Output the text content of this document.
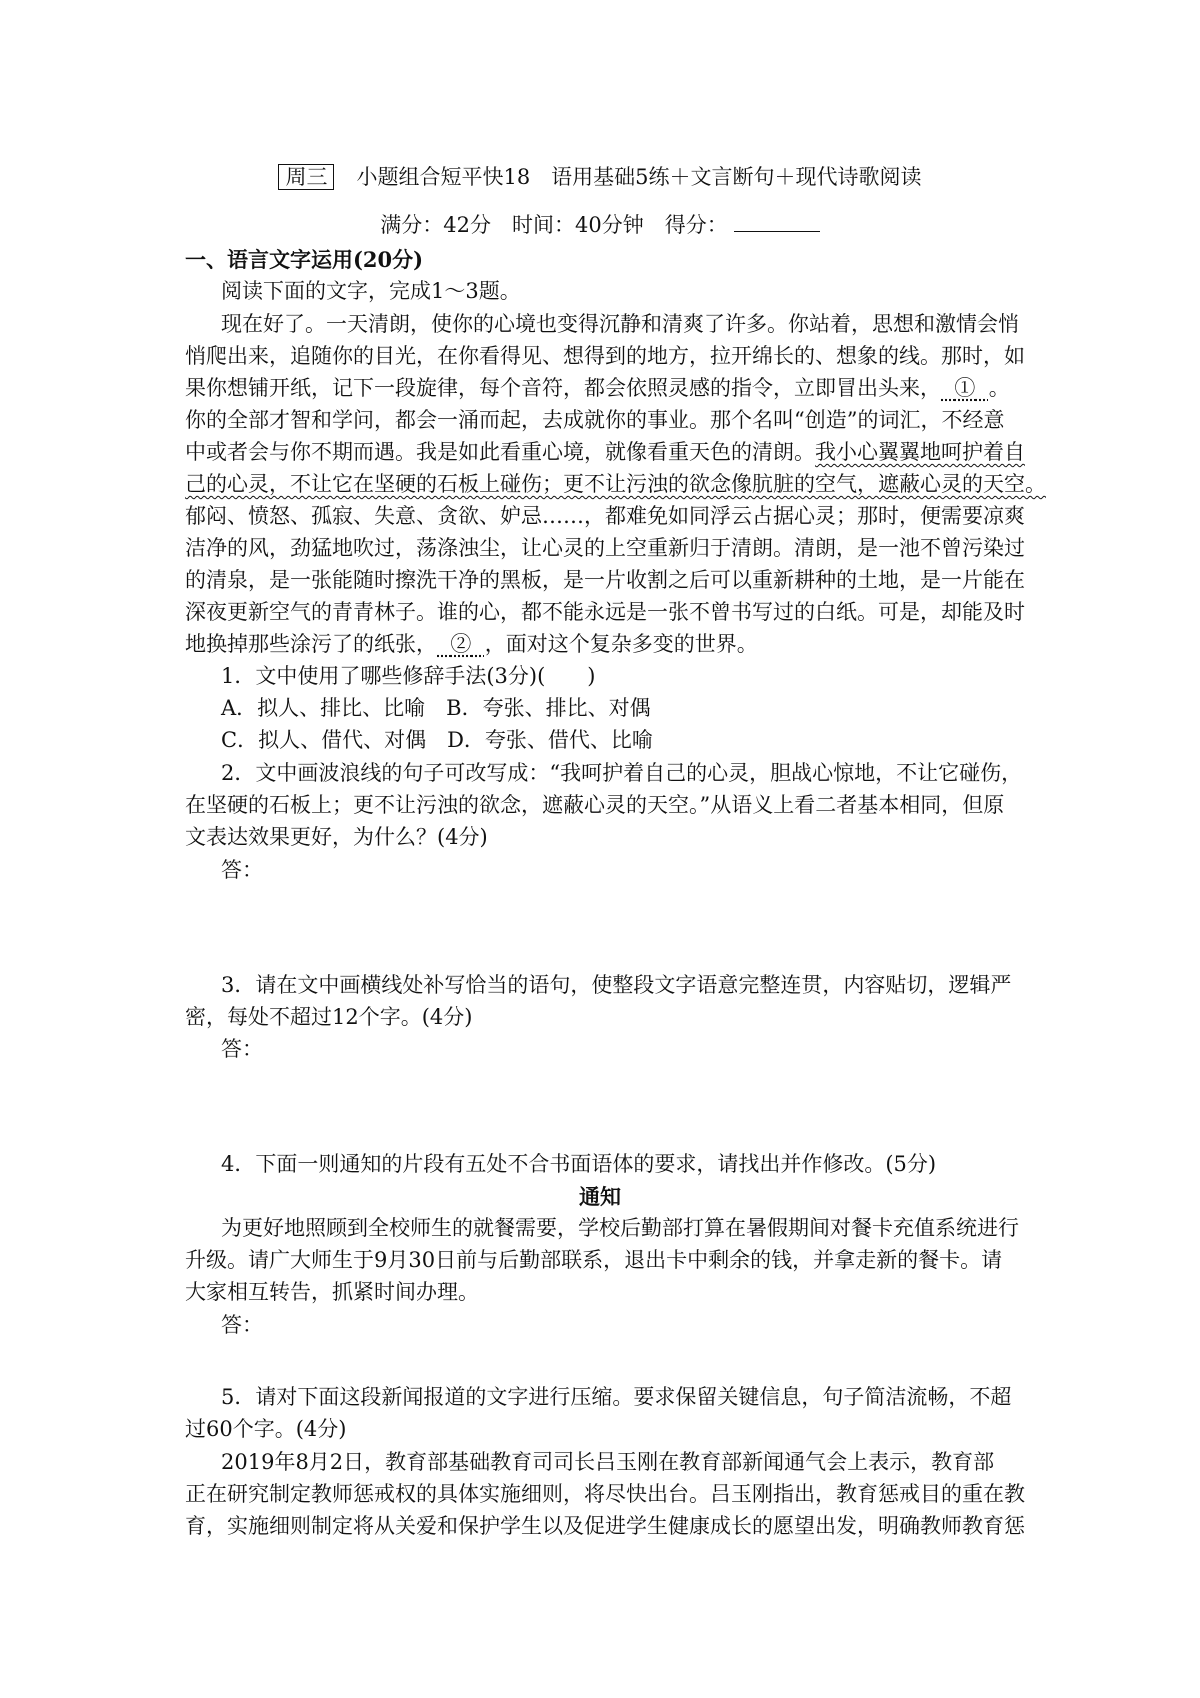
周三 小题组合短平快18　语用基础5练＋文言断句＋现代诗歌阅读
满分：42分　时间：40分钟　得分：
一、语言文字运用(20分)
阅读下面的文字，完成1～3题。
现在好了。一天清朗，使你的心境也变得沉静和清爽了许多。你站着，思想和激情会悄
悄爬出来，追随你的目光，在你看得见、想得到的地方，拉开绵长的、想象的线。那时，如
果你想铺开纸，记下一段旋律，每个音符，都会依照灵感的指令，立即冒出头来， ① 。
你的全部才智和学问，都会一涌而起，去成就你的事业。那个名叫“创造”的词汇，不经意
中或者会与你不期而遇。我是如此看重心境，就像看重天色的清朗。我小心翼翼地呵护着自
己的心灵，不让它在坚硬的石板上碰伤；更不让污浊的欲念像肮脏的空气，遮蔽心灵的天空。
郁闷、愤怒、孤寂、失意、贪欲、妒忌……，都难免如同浮云占据心灵；那时，便需要凉爽
洁净的风，劲猛地吹过，荡涤浊尘，让心灵的上空重新归于清朗。清朗，是一池不曾污染过
的清泉，是一张能随时擦洗干净的黑板，是一片收割之后可以重新耕种的土地，是一片能在
深夜更新空气的青青林子。谁的心，都不能永远是一张不曾书写过的白纸。可是，却能及时
地换掉那些涂污了的纸张， ② ，面对这个复杂多变的世界。
1．文中使用了哪些修辞手法(3分)(　　)
A．拟人、排比、比喻　B．夸张、排比、对偶
C．拟人、借代、对偶　D．夸张、借代、比喻
2．文中画波浪线的句子可改写成：“我呵护着自己的心灵，胆战心惊地，不让它碰伤，
在坚硬的石板上；更不让污浊的欲念，遮蔽心灵的天空。”从语义上看二者基本相同，但原
文表达效果更好，为什么？(4分)
答：
3．请在文中画横线处补写恰当的语句，使整段文字语意完整连贯，内容贴切，逻辑严
密，每处不超过12个字。(4分)
答：
4．下面一则通知的片段有五处不合书面语体的要求，请找出并作修改。(5分)
通知
为更好地照顾到全校师生的就餐需要，学校后勤部打算在暑假期间对餐卡充值系统进行
升级。请广大师生于9月30日前与后勤部联系，退出卡中剩余的钱，并拿走新的餐卡。请
大家相互转告，抓紧时间办理。
答：
5．请对下面这段新闻报道的文字进行压缩。要求保留关键信息，句子简洁流畅，不超
过60个字。(4分)
2019年8月2日，教育部基础教育司司长吕玉刚在教育部新闻通气会上表示，教育部
正在研究制定教师惩戒权的具体实施细则，将尽快出台。吕玉刚指出，教育惩戒目的重在教
育，实施细则制定将从关爱和保护学生以及促进学生健康成长的愿望出发，明确教师教育惩
